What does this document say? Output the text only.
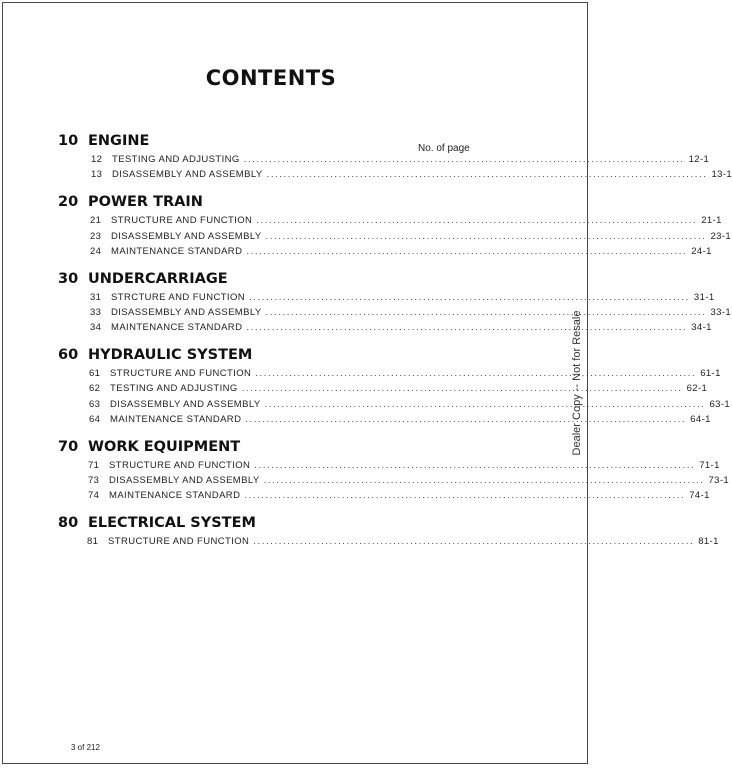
CONTENTS
No. of page
10 ENGINE
12	TESTING AND ADJUSTING ........................................................................................................ 12-1
13	DISASSEMBLY AND ASSEMBLY ........................................................................................................ 13-1
20 POWER TRAIN
21	STRUCTURE AND FUNCTION ........................................................................................................ 21-1
23	DISASSEMBLY AND ASSEMBLY ........................................................................................................ 23-1
24	MAINTENANCE STANDARD ........................................................................................................ 24-1
30 UNDERCARRIAGE
31	STRCTURE AND FUNCTION ........................................................................................................ 31-1
33	DISASSEMBLY AND ASSEMBLY ........................................................................................................ 33-1
34	MAINTENANCE STANDARD ........................................................................................................ 34-1
60 HYDRAULIC SYSTEM
61	STRUCTURE AND FUNCTION ........................................................................................................ 61-1
62	TESTING AND ADJUSTING ........................................................................................................ 62-1
63	DISASSEMBLY AND ASSEMBLY ........................................................................................................ 63-1
64	MAINTENANCE STANDARD ........................................................................................................ 64-1
70 WORK EQUIPMENT
71	STRUCTURE AND FUNCTION ........................................................................................................ 71-1
73	DISASSEMBLY AND ASSEMBLY ........................................................................................................ 73-1
74	MAINTENANCE STANDARD ........................................................................................................ 74-1
80 ELECTRICAL SYSTEM
81	STRUCTURE AND FUNCTION ........................................................................................................ 81-1
Dealer Copy -- Not for Resale
3 of 212
